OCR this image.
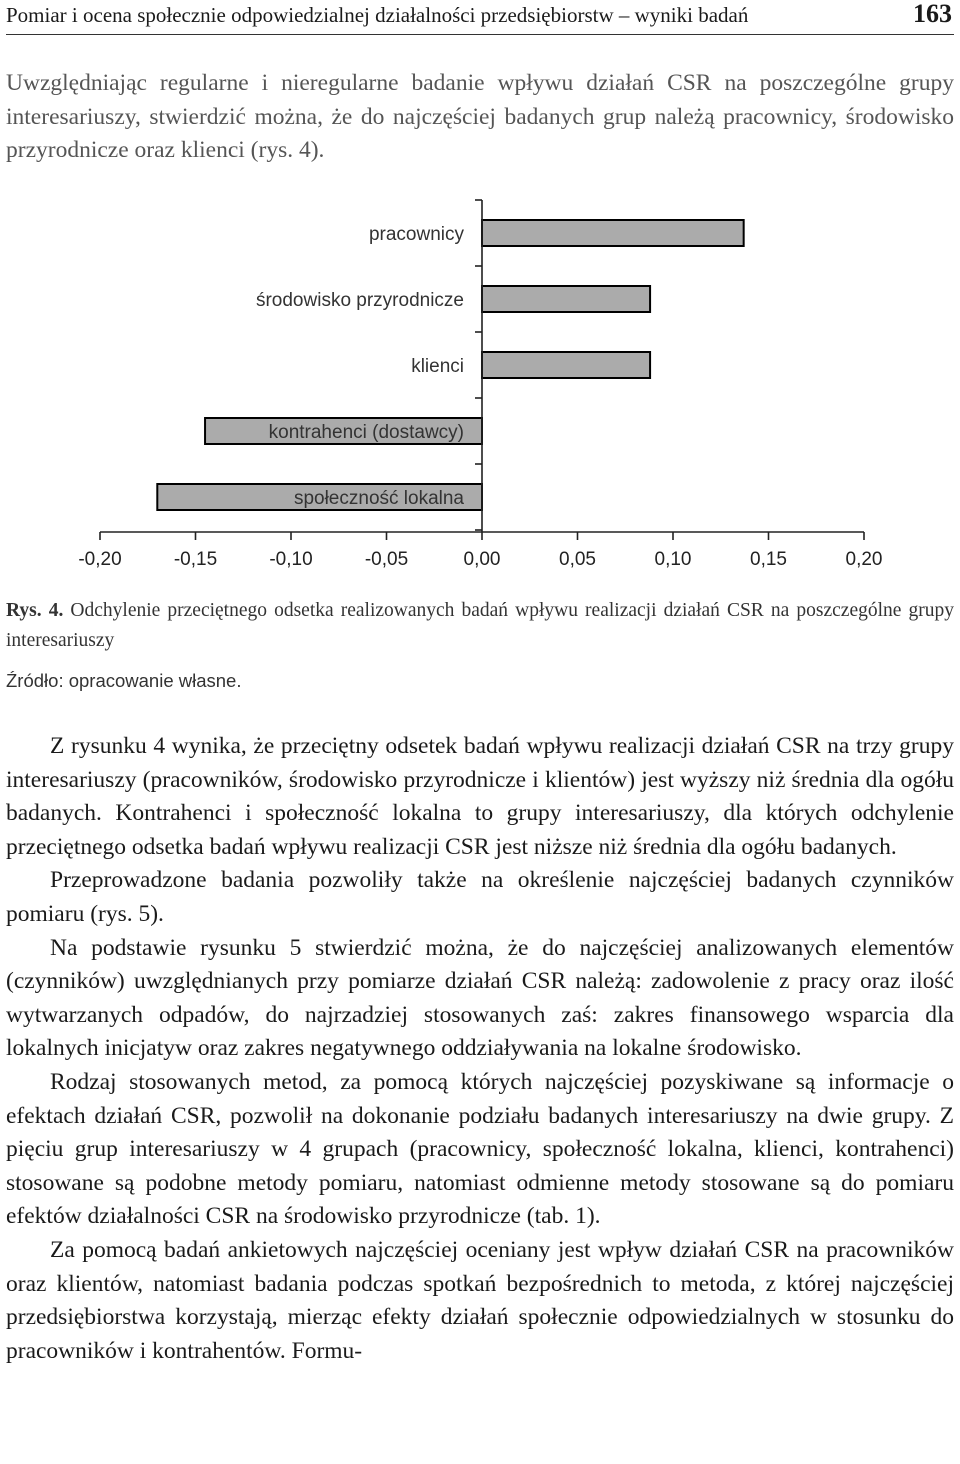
Pomiar i ocena społecznie odpowiedzialnej działalności przedsiębiorstw – wyniki badań	163

Uwzględniając regularne i nieregularne badanie wpływu działań CSR na poszczególne grupy interesariuszy, stwierdzić można, że do najczęściej badanych grup należą pracownicy, środowisko przyrodnicze oraz klienci (rys. 4).

pracownicy
środowisko przyrodnicze
klienci
kontrahenci (dostawcy)
społeczność lokalna
-0,20	-0,15	-0,10	-0,05	0,00	0,05	0,10	0,15	0,20

Rys. 4. Odchylenie przeciętnego odsetka realizowanych badań wpływu realizacji działań CSR na poszczególne grupy interesariuszy

Źródło: opracowanie własne.

Z rysunku 4 wynika, że przeciętny odsetek badań wpływu realizacji działań CSR na trzy grupy interesariuszy (pracowników, środowisko przyrodnicze i klientów) jest wyższy niż średnia dla ogółu badanych. Kontrahenci i społeczność lokalna to grupy interesariuszy, dla których odchylenie przeciętnego odsetka badań wpływu realizacji CSR jest niższe niż średnia dla ogółu badanych.

Przeprowadzone badania pozwoliły także na określenie najczęściej badanych czynników pomiaru (rys. 5).

Na podstawie rysunku 5 stwierdzić można, że do najczęściej analizowanych elementów (czynników) uwzględnianych przy pomiarze działań CSR należą: zadowolenie z pracy oraz ilość wytwarzanych odpadów, do najrzadziej stosowanych zaś: zakres finansowego wsparcia dla lokalnych inicjatyw oraz zakres negatywnego oddziaływania na lokalne środowisko.

Rodzaj stosowanych metod, za pomocą których najczęściej pozyskiwane są informacje o efektach działań CSR, pozwolił na dokonanie podziału badanych interesariuszy na dwie grupy. Z pięciu grup interesariuszy w 4 grupach (pracownicy, społeczność lokalna, klienci, kontrahenci) stosowane są podobne metody pomiaru, natomiast odmienne metody stosowane są do pomiaru efektów działalności CSR na środowisko przyrodnicze (tab. 1).

Za pomocą badań ankietowych najczęściej oceniany jest wpływ działań CSR na pracowników oraz klientów, natomiast badania podczas spotkań bezpośrednich to metoda, z której najczęściej przedsiębiorstwa korzystają, mierząc efekty działań społecznie odpowiedzialnych w stosunku do pracowników i kontrahentów. Formu-
